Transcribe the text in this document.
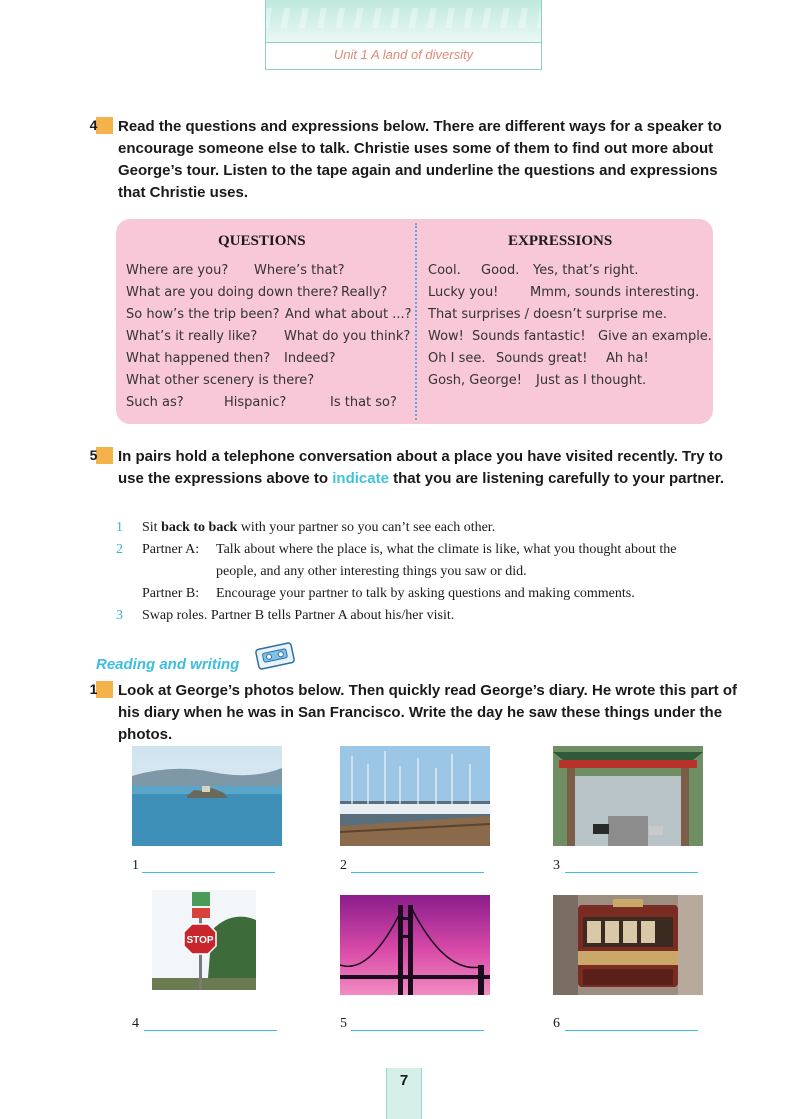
Unit 1 A land of diversity
4 Read the questions and expressions below. There are different ways for a speaker to encourage someone else to talk. Christie uses some of them to find out more about George’s tour. Listen to the tape again and underline the questions and expressions that Christie uses.
QUESTIONS	EXPRESSIONS
Where are you? Where’s that?
What are you doing down there? Really?
So how’s the trip been? And what about ...?
What’s it really like? What do you think?
What happened then? Indeed?
What other scenery is there?
Such as?	Hispanic?	Is that so?
Cool. Good. Yes, that’s right.
Lucky you! Mmm, sounds interesting.
That surprises / doesn’t surprise me.
Wow! Sounds fantastic! Give an example.
Oh I see. Sounds great! Ah ha!
Gosh, George! Just as I thought.
5 In pairs hold a telephone conversation about a place you have visited recently. Try to use the expressions above to indicate that you are listening carefully to your partner.
1 Sit back to back with your partner so you can’t see each other.
2 Partner A:	Talk about where the place is, what the climate is like, what you thought about the people, and any other interesting things you saw or did.
Partner B:	Encourage your partner to talk by asking questions and making comments.
3 Swap roles. Partner B tells Partner A about his/her visit.
Reading and writing
1 Look at George’s photos below. Then quickly read George’s diary. He wrote this part of his diary when he was in San Francisco. Write the day he saw these things under the photos.
STOP
1	2	3
4	5	6
7
